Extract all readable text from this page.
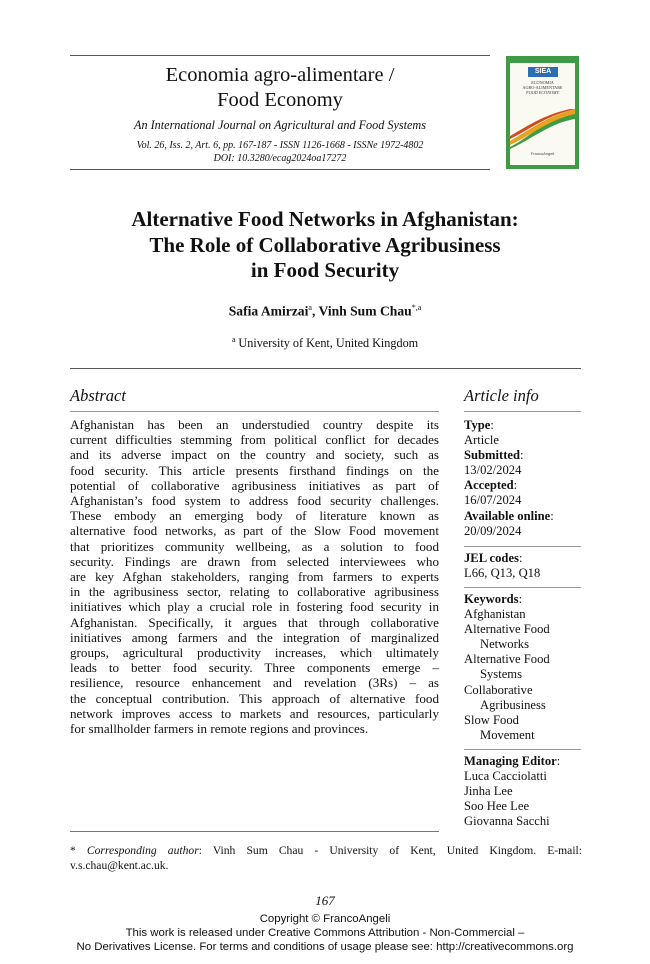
Economia agro-alimentare /
Food Economy
An International Journal on Agricultural and Food Systems
Vol. 26, Iss. 2, Art. 6, pp. 167-187 - ISSN 1126-1668 - ISSNe 1972-4802
DOI: 10.3280/ecag2024oa17272
SIEA
ECONOMIA
AGRO-ALIMENTARE
FOOD ECONOMY
FrancoAngeli
Alternative Food Networks in Afghanistan:
The Role of Collaborative Agribusiness
in Food Security
Safia Amirzai$^a$, Vinh Sum Chau$^{*,a}$
$^a$ University of Kent, United Kingdom
Abstract
Afghanistan has been an understudied country despite its
current difficulties stemming from political conflict for decades
and its adverse impact on the country and society, such as
food security. This article presents firsthand findings on the
potential of collaborative agribusiness initiatives as part of
Afghanistan’s food system to address food security challenges.
These embody an emerging body of literature known as
alternative food networks, as part of the Slow Food movement
that prioritizes community wellbeing, as a solution to food
security. Findings are drawn from selected interviewees who
are key Afghan stakeholders, ranging from farmers to experts
in the agribusiness sector, relating to collaborative agribusiness
initiatives which play a crucial role in fostering food security in
Afghanistan. Specifically, it argues that through collaborative
initiatives among farmers and the integration of marginalized
groups, agricultural productivity increases, which ultimately
leads to better food security. Three components emerge –
resilience, resource enhancement and revelation (3Rs) – as
the conceptual contribution. This approach of alternative food
network improves access to markets and resources, particularly
for smallholder farmers in remote regions and provinces.
Article info
Type:
Article
Submitted:
13/02/2024
Accepted:
16/07/2024
Available online:
20/09/2024
JEL codes:
L66, Q13, Q18
Keywords:
Afghanistan
Alternative Food
Networks
Alternative Food
Systems
Collaborative
Agribusiness
Slow Food
Movement
Managing Editor:
Luca Cacciolatti
Jinha Lee
Soo Hee Lee
Giovanna Sacchi
* Corresponding author: Vinh Sum Chau - University of Kent, United Kingdom. E-mail: v.s.chau@kent.ac.uk.
167
Copyright © FrancoAngeli
This work is released under Creative Commons Attribution - Non-Commercial –
No Derivatives License. For terms and conditions of usage please see: http://creativecommons.org
